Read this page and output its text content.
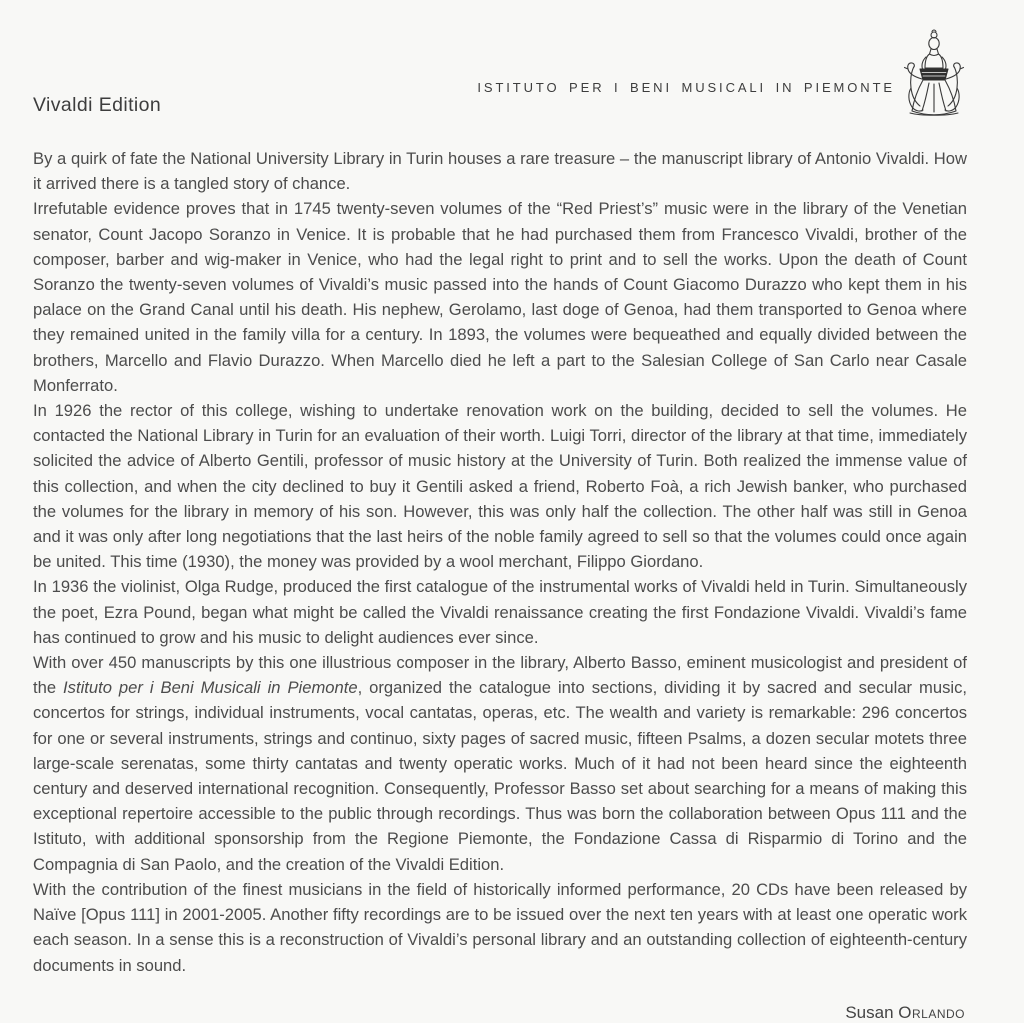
ISTITUTO PER I BENI MUSICALI IN PIEMONTE
Vivaldi Edition

By a quirk of fate the National University Library in Turin houses a rare treasure – the manuscript library of Antonio Vivaldi. How it arrived there is a tangled story of chance.

Irrefutable evidence proves that in 1745 twenty-seven volumes of the “Red Priest’s” music were in the library of the Venetian senator, Count Jacopo Soranzo in Venice. It is probable that he had purchased them from Francesco Vivaldi, brother of the composer, barber and wig-maker in Venice, who had the legal right to print and to sell the works. Upon the death of Count Soranzo the twenty-seven volumes of Vivaldi’s music passed into the hands of Count Giacomo Durazzo who kept them in his palace on the Grand Canal until his death. His nephew, Gerolamo, last doge of Genoa, had them transported to Genoa where they remained united in the family villa for a century. In 1893, the volumes were bequeathed and equally divided between the brothers, Marcello and Flavio Durazzo. When Marcello died he left a part to the Salesian College of San Carlo near Casale Monferrato.

In 1926 the rector of this college, wishing to undertake renovation work on the building, decided to sell the volumes. He contacted the National Library in Turin for an evaluation of their worth. Luigi Torri, director of the library at that time, immediately solicited the advice of Alberto Gentili, professor of music history at the University of Turin. Both realized the immense value of this collection, and when the city declined to buy it Gentili asked a friend, Roberto Foà, a rich Jewish banker, who purchased the volumes for the library in memory of his son. However, this was only half the collection. The other half was still in Genoa and it was only after long negotiations that the last heirs of the noble family agreed to sell so that the volumes could once again be united. This time (1930), the money was provided by a wool merchant, Filippo Giordano.

In 1936 the violinist, Olga Rudge, produced the first catalogue of the instrumental works of Vivaldi held in Turin. Simultaneously the poet, Ezra Pound, began what might be called the Vivaldi renaissance creating the first Fondazione Vivaldi. Vivaldi’s fame has continued to grow and his music to delight audiences ever since.

With over 450 manuscripts by this one illustrious composer in the library, Alberto Basso, eminent musicologist and president of the Istituto per i Beni Musicali in Piemonte, organized the catalogue into sections, dividing it by sacred and secular music, concertos for strings, individual instruments, vocal cantatas, operas, etc. The wealth and variety is remarkable: 296 concertos for one or several instruments, strings and continuo, sixty pages of sacred music, fifteen Psalms, a dozen secular motets three large-scale serenatas, some thirty cantatas and twenty operatic works. Much of it had not been heard since the eighteenth century and deserved international recognition. Consequently, Professor Basso set about searching for a means of making this exceptional repertoire accessible to the public through recordings. Thus was born the collaboration between Opus 111 and the Istituto, with additional sponsorship from the Regione Piemonte, the Fondazione Cassa di Risparmio di Torino and the Compagnia di San Paolo, and the creation of the Vivaldi Edition.

With the contribution of the finest musicians in the field of historically informed performance, 20 CDs have been released by Naïve [Opus 111] in 2001-2005. Another fifty recordings are to be issued over the next ten years with at least one operatic work each season. In a sense this is a reconstruction of Vivaldi’s personal library and an outstanding collection of eighteenth-century documents in sound.

Susan Orlando
